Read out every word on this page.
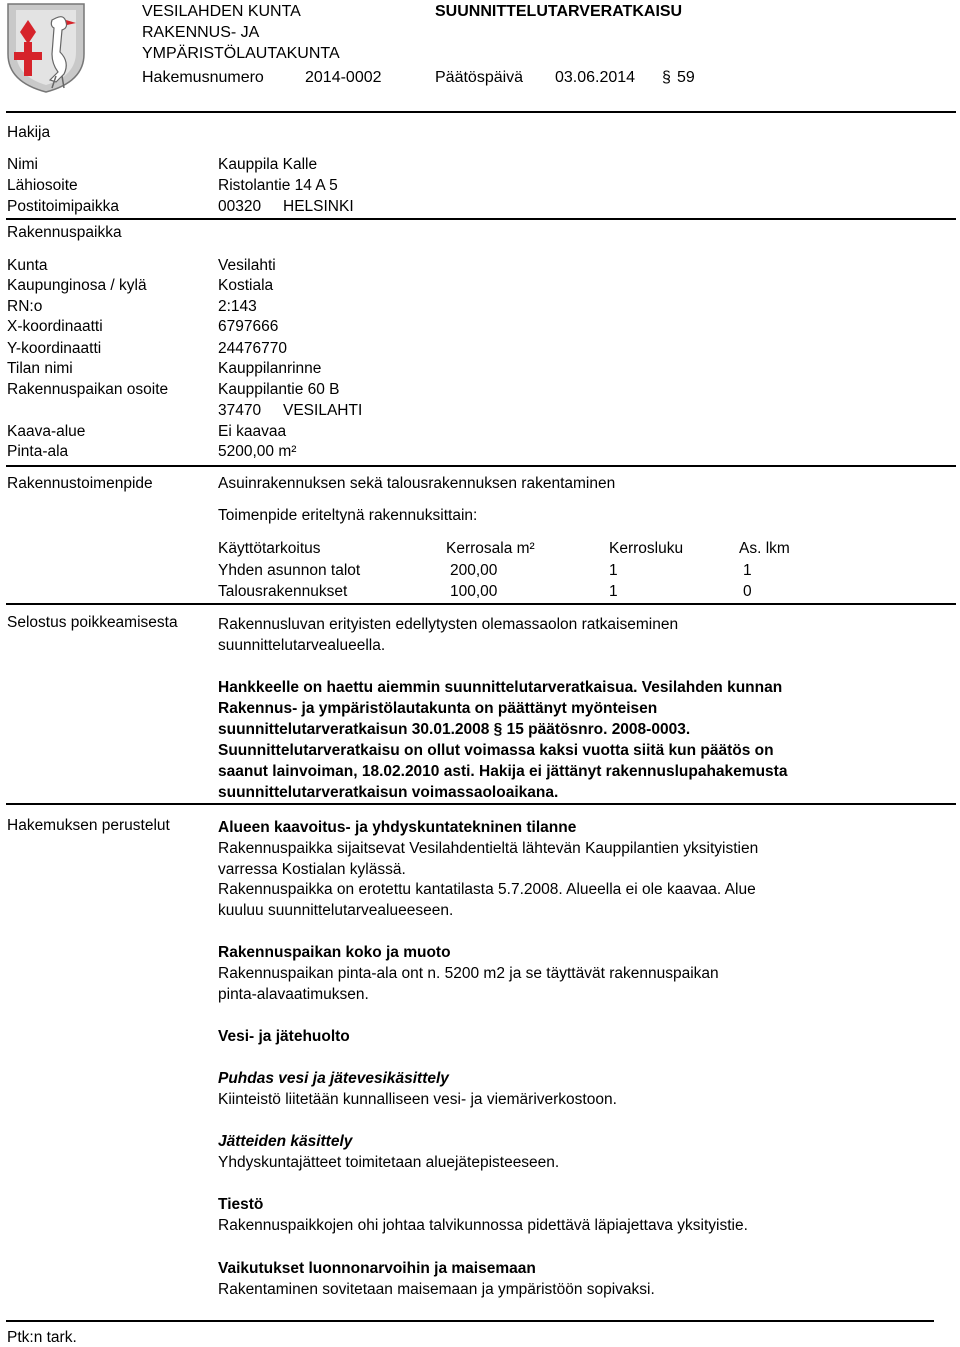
VESILAHDEN KUNTA
RAKENNUS- JA
YMPÄRISTÖLAUTAKUNTA
SUUNNITTELUTARVERATKAISU
Hakemusnumero	2014-0002	Päätöspäivä 03.06.2014 § 59
Hakija
Nimi	Kauppila Kalle
Lähiosoite	Ristolantie 14 A 5
Postitoimipaikka	00320 HELSINKI
Rakennuspaikka
Kunta	Vesilahti
Kaupunginosa / kylä	Kostiala
RN:o	2:143
X-koordinaatti	6797666
Y-koordinaatti	24476770
Tilan nimi	Kauppilanrinne
Rakennuspaikan osoite	Kauppilantie 60 B
37470 VESILAHTI
Kaava-alue	Ei kaavaa
Pinta-ala	5200,00 m²
Rakennustoimenpide	Asuinrakennuksen sekä talousrakennuksen rakentaminen
Toimenpide eriteltynä rakennuksittain:
Käyttötarkoitus	Kerrosala m²	Kerrosluku	As. lkm
Yhden asunnon talot	200,00	1	1
Talousrakennukset	100,00	1	0
Selostus poikkeamisesta	Rakennusluvan erityisten edellytysten olemassaolon ratkaiseminen suunnittelutarvealueella.
Hankkeelle on haettu aiemmin suunnittelutarveratkaisua. Vesilahden kunnan Rakennus- ja ympäristölautakunta on päättänyt myönteisen suunnittelutarveratkaisun 30.01.2008 § 15 päätösnro. 2008-0003. Suunnittelutarveratkaisu on ollut voimassa kaksi vuotta siitä kun päätös on saanut lainvoiman, 18.02.2010 asti. Hakija ei jättänyt rakennuslupahakemusta suunnittelutarveratkaisun voimassaoloaikana.
Hakemuksen perustelut	Alueen kaavoitus- ja yhdyskuntatekninen tilanne
Rakennuspaikka sijaitsevat Vesilahdentieltä lähtevän Kauppilantien yksityistien varressa Kostialan kylässä.
Rakennuspaikka on erotettu kantatilasta 5.7.2008. Alueella ei ole kaavaa. Alue kuuluu suunnittelutarvealueeseen.
Rakennuspaikan koko ja muoto
Rakennuspaikan pinta-ala ont n. 5200 m2 ja se täyttävät rakennuspaikan pinta-alavaatimuksen.
Vesi- ja jätehuolto
Puhdas vesi ja jätevesikäsittely
Kiinteistö liitetään kunnalliseen vesi- ja viemäriverkostoon.
Jätteiden käsittely
Yhdyskuntajätteet toimitetaan aluejätepisteeseen.
Tiestö
Rakennuspaikkojen ohi johtaa talvikunnossa pidettävä läpiajettava yksityistie.
Vaikutukset luonnonarvoihin ja maisemaan
Rakentaminen sovitetaan maisemaan ja ympäristöön sopivaksi.
Ptk:n tark.
